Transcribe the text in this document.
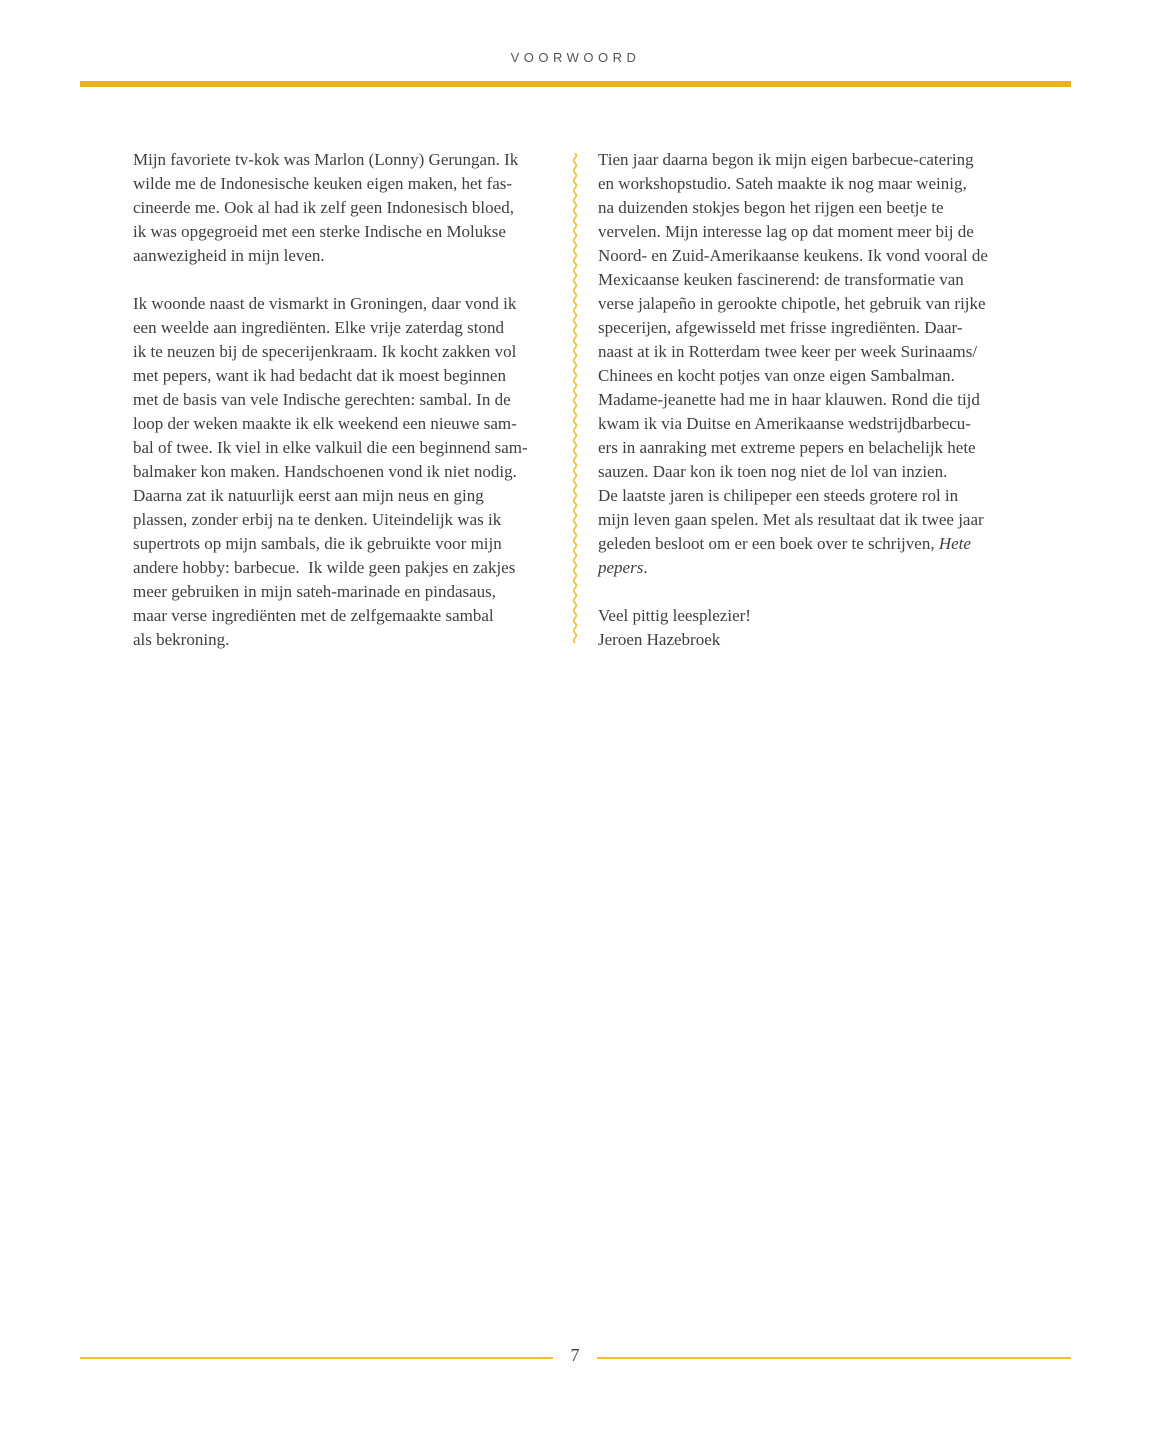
VOORWOORD

Mijn favoriete tv-kok was Marlon (Lonny) Gerungan. Ik
wilde me de Indonesische keuken eigen maken, het fas-
cineerde me. Ook al had ik zelf geen Indonesisch bloed,
ik was opgegroeid met een sterke Indische en Molukse
aanwezigheid in mijn leven.

Ik woonde naast de vismarkt in Groningen, daar vond ik
een weelde aan ingrediënten. Elke vrije zaterdag stond
ik te neuzen bij de specerijenkraam. Ik kocht zakken vol
met pepers, want ik had bedacht dat ik moest beginnen
met de basis van vele Indische gerechten: sambal. In de
loop der weken maakte ik elk weekend een nieuwe sam-
bal of twee. Ik viel in elke valkuil die een beginnend sam-
balmaker kon maken. Handschoenen vond ik niet nodig.
Daarna zat ik natuurlijk eerst aan mijn neus en ging
plassen, zonder erbij na te denken. Uiteindelijk was ik
supertrots op mijn sambals, die ik gebruikte voor mijn
andere hobby: barbecue.  Ik wilde geen pakjes en zakjes
meer gebruiken in mijn sateh-marinade en pindasaus,
maar verse ingrediënten met de zelfgemaakte sambal
als bekroning.

Tien jaar daarna begon ik mijn eigen barbecue-catering
en workshopstudio. Sateh maakte ik nog maar weinig,
na duizenden stokjes begon het rijgen een beetje te
vervelen. Mijn interesse lag op dat moment meer bij de
Noord- en Zuid-Amerikaanse keukens. Ik vond vooral de
Mexicaanse keuken fascinerend: de transformatie van
verse jalapeño in gerookte chipotle, het gebruik van rijke
specerijen, afgewisseld met frisse ingrediënten. Daar-
naast at ik in Rotterdam twee keer per week Surinaams/
Chinees en kocht potjes van onze eigen Sambalman.
Madame-jeanette had me in haar klauwen. Rond die tijd
kwam ik via Duitse en Amerikaanse wedstrijdbarbecu-
ers in aanraking met extreme pepers en belachelijk hete
sauzen. Daar kon ik toen nog niet de lol van inzien.
De laatste jaren is chilipeper een steeds grotere rol in
mijn leven gaan spelen. Met als resultaat dat ik twee jaar
geleden besloot om er een boek over te schrijven, Hete
pepers.

Veel pittig leesplezier!
Jeroen Hazebroek

7
